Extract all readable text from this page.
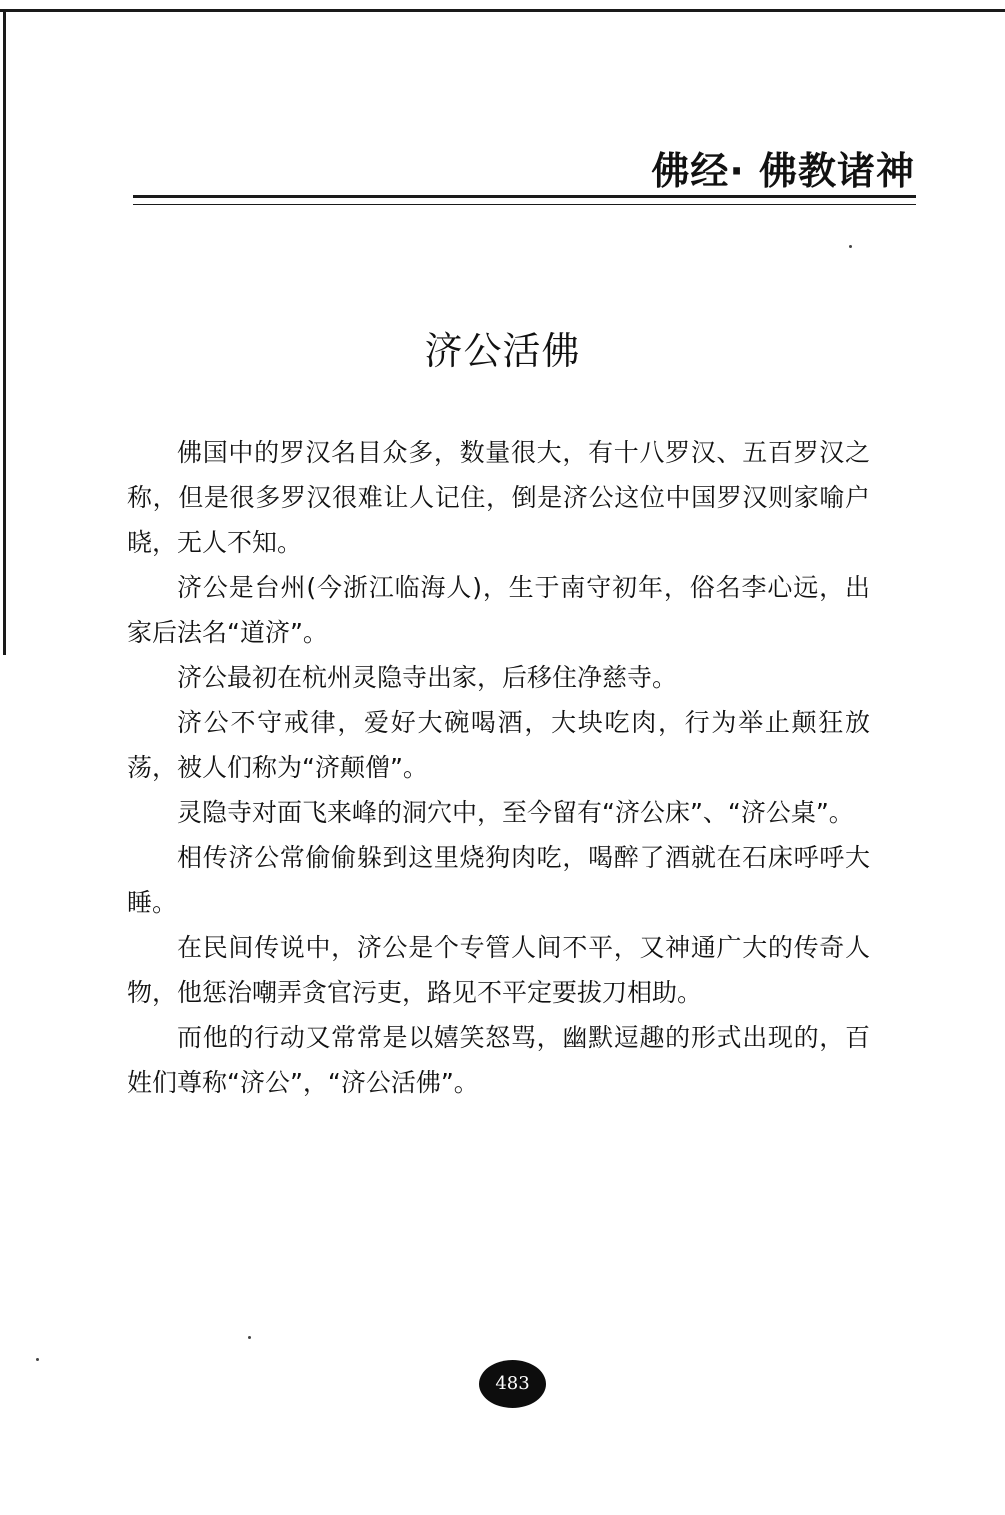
佛经· 佛教诸神
济公活佛

佛国中的罗汉名目众多，数量很大，有十八罗汉、五百罗汉之称，但是很多罗汉很难让人记住，倒是济公这位中国罗汉则家喻户晓，无人不知。

济公是台州(今浙江临海人)，生于南守初年，俗名李心远，出家后法名“道济”。

济公最初在杭州灵隐寺出家，后移住净慈寺。

济公不守戒律，爱好大碗喝酒，大块吃肉，行为举止颠狂放荡，被人们称为“济颠僧”。

灵隐寺对面飞来峰的洞穴中，至今留有“济公床”、“济公桌”。

相传济公常偷偷躲到这里烧狗肉吃，喝醉了酒就在石床呼呼大睡。

在民间传说中，济公是个专管人间不平，又神通广大的传奇人物，他惩治嘲弄贪官污吏，路见不平定要拔刀相助。

而他的行动又常常是以嬉笑怒骂，幽默逗趣的形式出现的，百姓们尊称“济公”，“济公活佛”。

483
